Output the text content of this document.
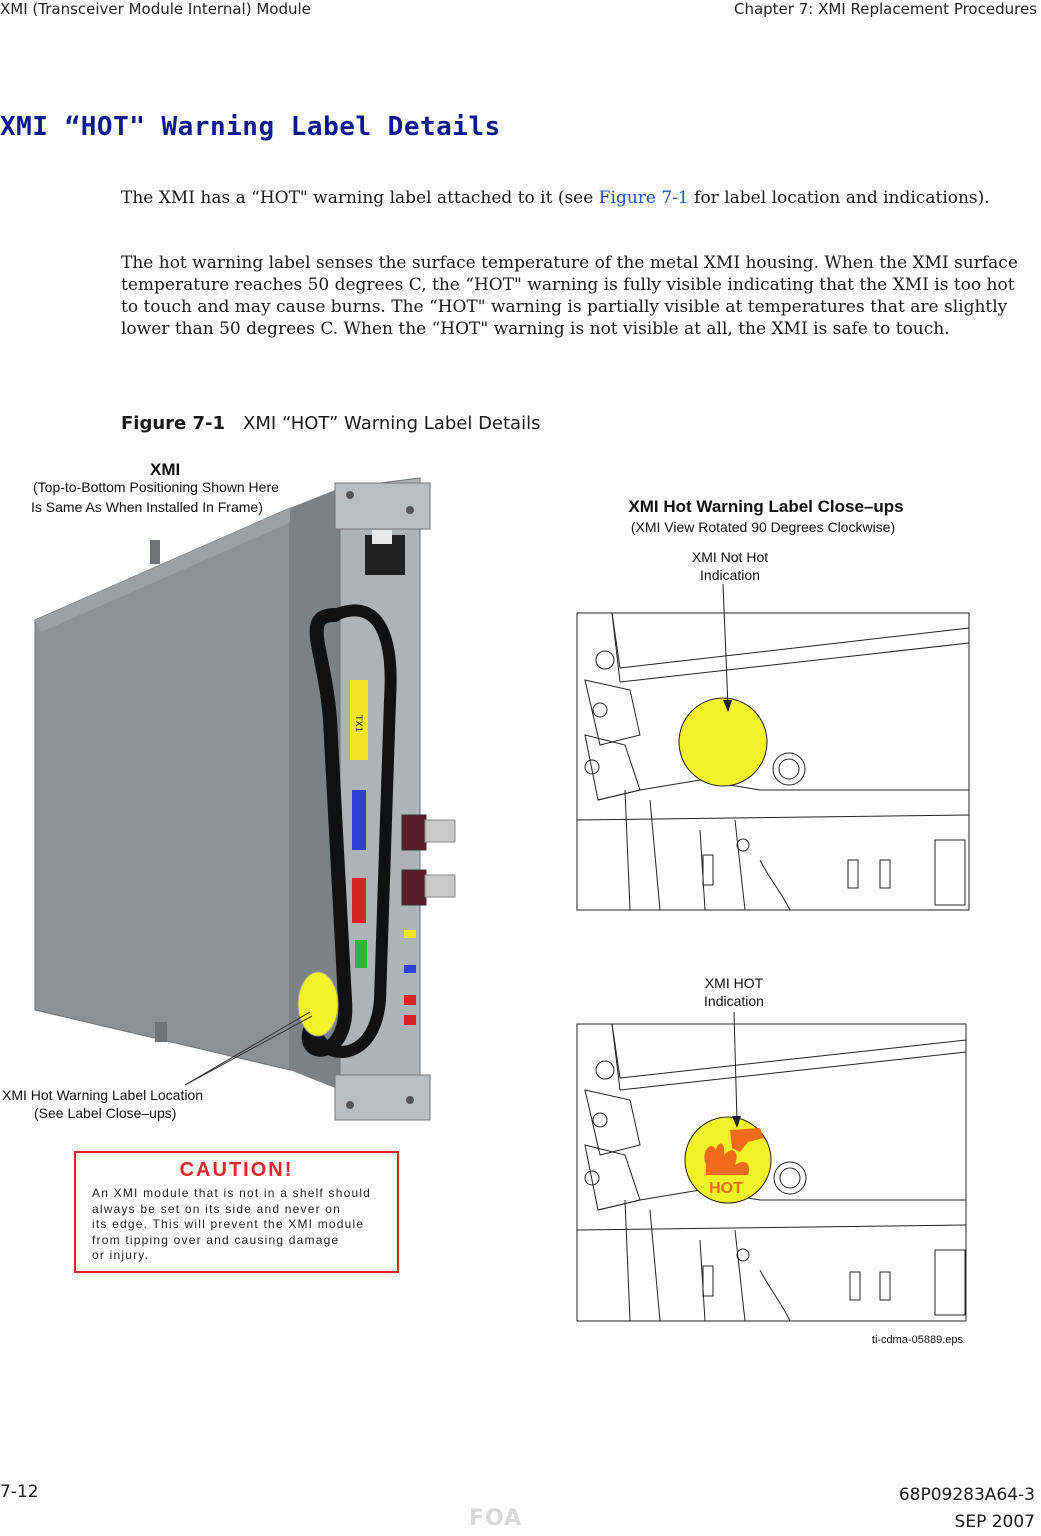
XMI (Transceiver Module Internal) Module	Chapter 7: XMI Replacement Procedures
XMI “HOT" Warning Label Details
The XMI has a “HOT" warning label attached to it (see Figure 7-1 for label location and indications).
The hot warning label senses the surface temperature of the metal XMI housing. When the XMI surface temperature reaches 50 degrees C, the “HOT" warning is fully visible indicating that the XMI is too hot to touch and may cause burns. The “HOT" warning is partially visible at temperatures that are slightly lower than 50 degrees C. When the “HOT" warning is not visible at all, the XMI is safe to touch.
Figure 7-1 XMI “HOT” Warning Label Details
TX1
XMI
(Top-to-Bottom Positioning Shown Here
Is Same As When Installed In Frame)
XMI Hot Warning Label Location
(See Label Close–ups)
XMI Hot Warning Label Close–ups
(XMI View Rotated 90 Degrees Clockwise)
XMI Not Hot
Indication
XMI HOT
Indication
HOT
ti-cdma-05889.eps
CAUTION!
An XMI module that is not in a shelf should
always be set on its side and never on
its edge. This will prevent the XMI module
from tipping over and causing damage
or injury.
7-12	68P09283A64-3
SEP 2007
FOA
